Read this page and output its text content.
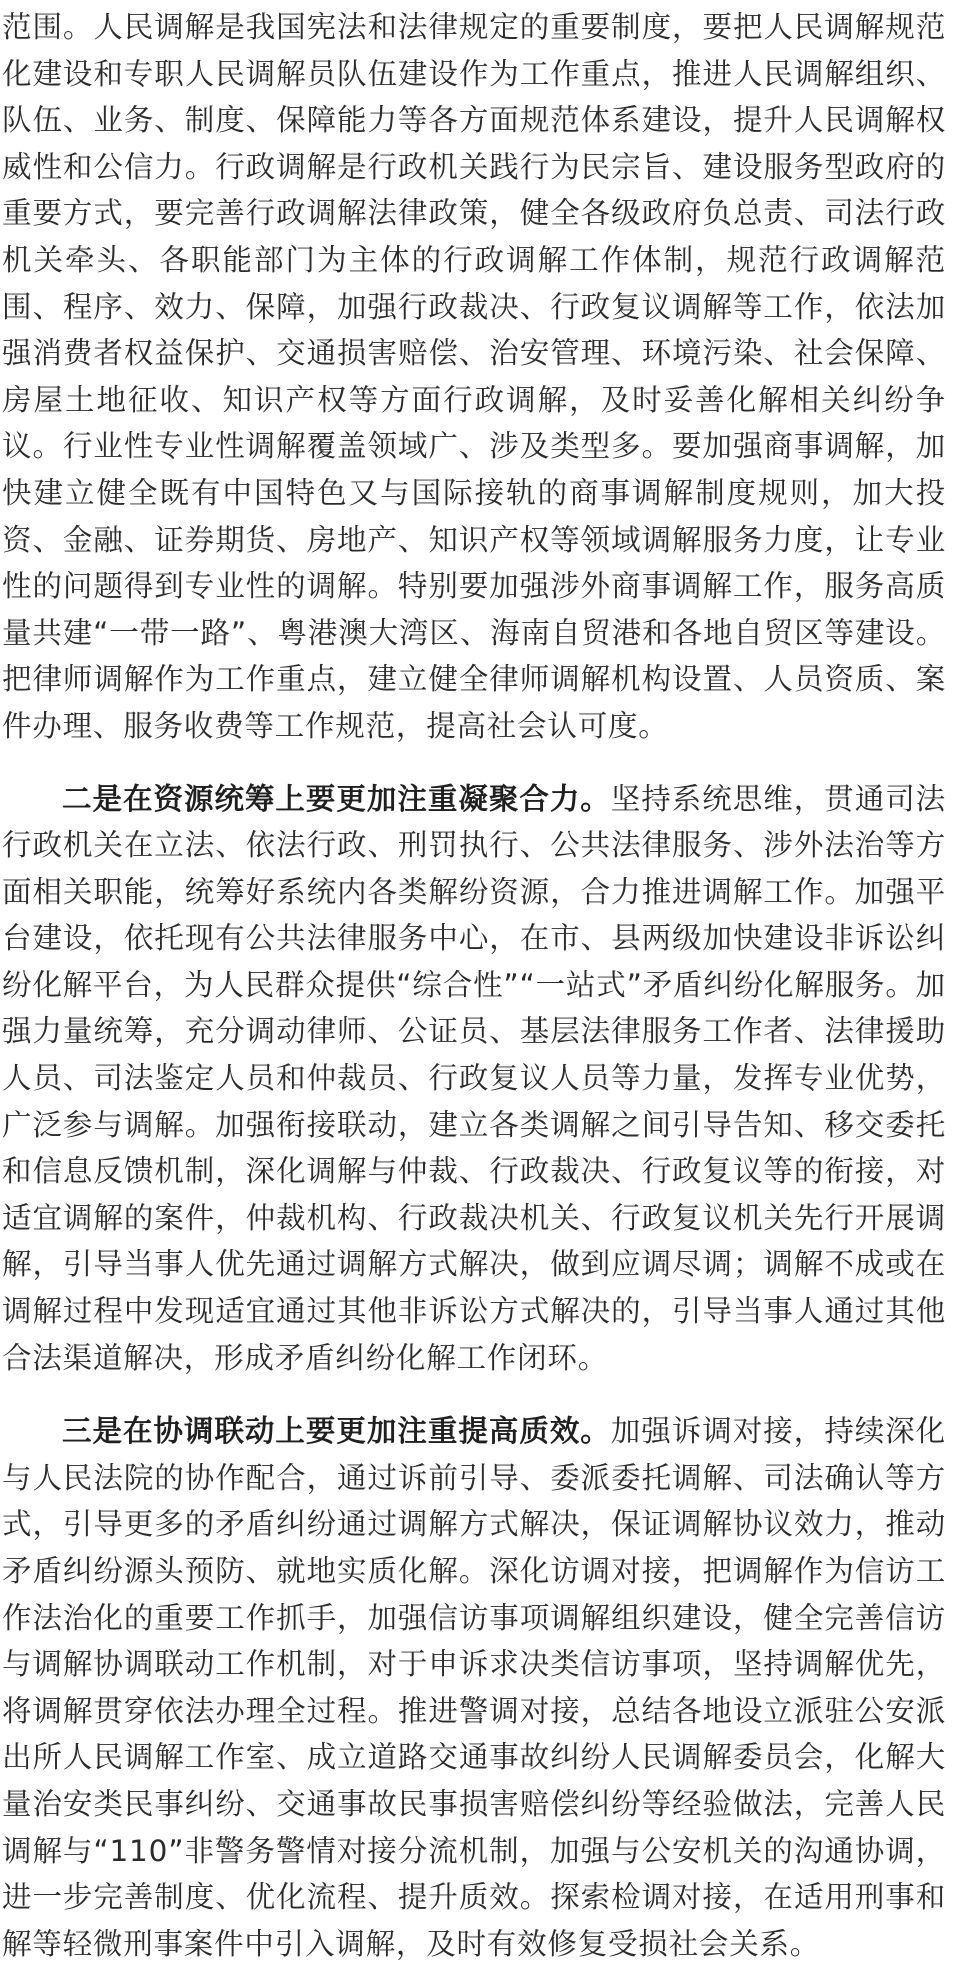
范围。人民调解是我国宪法和法律规定的重要制度，要把人民调解规范化建设和专职人民调解员队伍建设作为工作重点，推进人民调解组织、队伍、业务、制度、保障能力等各方面规范体系建设，提升人民调解权威性和公信力。行政调解是行政机关践行为民宗旨、建设服务型政府的重要方式，要完善行政调解法律政策，健全各级政府负总责、司法行政机关牵头、各职能部门为主体的行政调解工作体制，规范行政调解范围、程序、效力、保障，加强行政裁决、行政复议调解等工作，依法加强消费者权益保护、交通损害赔偿、治安管理、环境污染、社会保障、房屋土地征收、知识产权等方面行政调解，及时妥善化解相关纠纷争议。行业性专业性调解覆盖领域广、涉及类型多。要加强商事调解，加快建立健全既有中国特色又与国际接轨的商事调解制度规则，加大投资、金融、证券期货、房地产、知识产权等领域调解服务力度，让专业性的问题得到专业性的调解。特别要加强涉外商事调解工作，服务高质量共建“一带一路”、粤港澳大湾区、海南自贸港和各地自贸区等建设。把律师调解作为工作重点，建立健全律师调解机构设置、人员资质、案件办理、服务收费等工作规范，提高社会认可度。

二是在资源统筹上要更加注重凝聚合力。坚持系统思维，贯通司法行政机关在立法、依法行政、刑罚执行、公共法律服务、涉外法治等方面相关职能，统筹好系统内各类解纷资源，合力推进调解工作。加强平台建设，依托现有公共法律服务中心，在市、县两级加快建设非诉讼纠纷化解平台，为人民群众提供“综合性”“一站式”矛盾纠纷化解服务。加强力量统筹，充分调动律师、公证员、基层法律服务工作者、法律援助人员、司法鉴定人员和仲裁员、行政复议人员等力量，发挥专业优势，广泛参与调解。加强衔接联动，建立各类调解之间引导告知、移交委托和信息反馈机制，深化调解与仲裁、行政裁决、行政复议等的衔接，对适宜调解的案件，仲裁机构、行政裁决机关、行政复议机关先行开展调解，引导当事人优先通过调解方式解决，做到应调尽调；调解不成或在调解过程中发现适宜通过其他非诉讼方式解决的，引导当事人通过其他合法渠道解决，形成矛盾纠纷化解工作闭环。

三是在协调联动上要更加注重提高质效。加强诉调对接，持续深化与人民法院的协作配合，通过诉前引导、委派委托调解、司法确认等方式，引导更多的矛盾纠纷通过调解方式解决，保证调解协议效力，推动矛盾纠纷源头预防、就地实质化解。深化访调对接，把调解作为信访工作法治化的重要工作抓手，加强信访事项调解组织建设，健全完善信访与调解协调联动工作机制，对于申诉求决类信访事项，坚持调解优先，将调解贯穿依法办理全过程。推进警调对接，总结各地设立派驻公安派出所人民调解工作室、成立道路交通事故纠纷人民调解委员会，化解大量治安类民事纠纷、交通事故民事损害赔偿纠纷等经验做法，完善人民调解与“110”非警务警情对接分流机制，加强与公安机关的沟通协调，进一步完善制度、优化流程、提升质效。探索检调对接，在适用刑事和解等轻微刑事案件中引入调解，及时有效修复受损社会关系。
